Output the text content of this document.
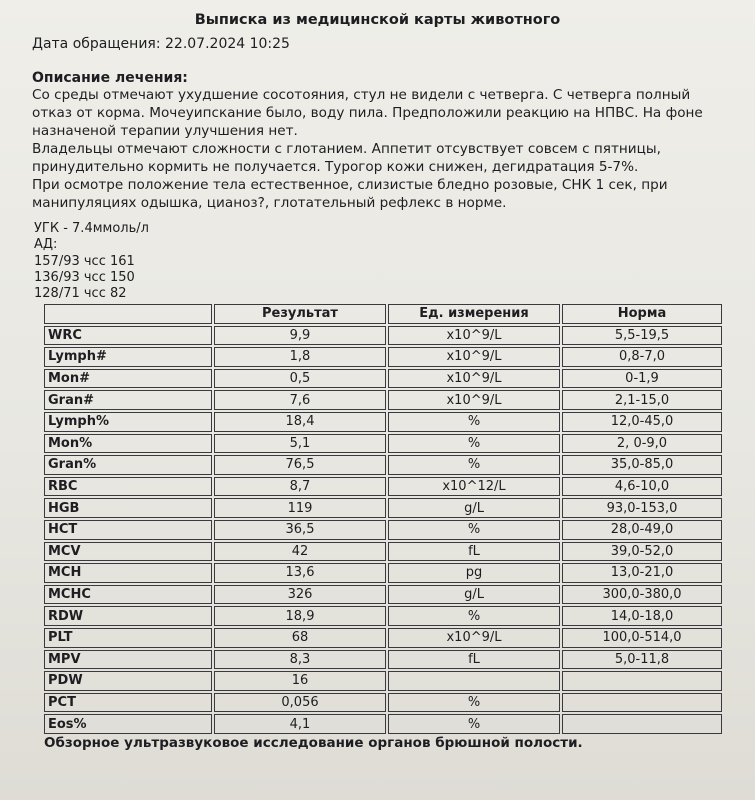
Выписка из медицинской карты животного
Дата обращения: 22.07.2024 10:25
Описание лечения:
Со среды отмечают ухудшение сосотояния, стул не видели с четверга. С четверга полный
отказ от корма. Мочеуипскание было, воду пила. Предположили реакцию на НПВС. На фоне
назначеной терапии улучшения нет.
Владельцы отмечают сложности с глотанием. Аппетит отсувствует совсем с пятницы,
принудительно кормить не получается. Турогор кожи снижен, дегидратация 5-7%.
При осмотре положение тела естественное, слизистые бледно розовые, СНК 1 сек, при
манипуляциях одышка, цианоз?, глотательный рефлекс в норме.
УГК - 7.4ммоль/л
АД:
157/93 чсс 161
136/93 чсс 150
128/71 чсс 82
	Результат	Ед. измерения	Норма
WRC	9,9	x10^9/L	5,5-19,5
Lymph#	1,8	x10^9/L	0,8-7,0
Mon#	0,5	x10^9/L	0-1,9
Gran#	7,6	x10^9/L	2,1-15,0
Lymph%	18,4	%	12,0-45,0
Mon%	5,1	%	2, 0-9,0
Gran%	76,5	%	35,0-85,0
RBC	8,7	x10^12/L	4,6-10,0
HGB	119	g/L	93,0-153,0
HCT	36,5	%	28,0-49,0
MCV	42	fL	39,0-52,0
MCH	13,6	pg	13,0-21,0
MCHC	326	g/L	300,0-380,0
RDW	18,9	%	14,0-18,0
PLT	68	x10^9/L	100,0-514,0
MPV	8,3	fL	5,0-11,8
PDW	16		
PCT	0,056	%	
Eos%	4,1	%	
Обзорное ультразвуковое исследование органов брюшной полости.
